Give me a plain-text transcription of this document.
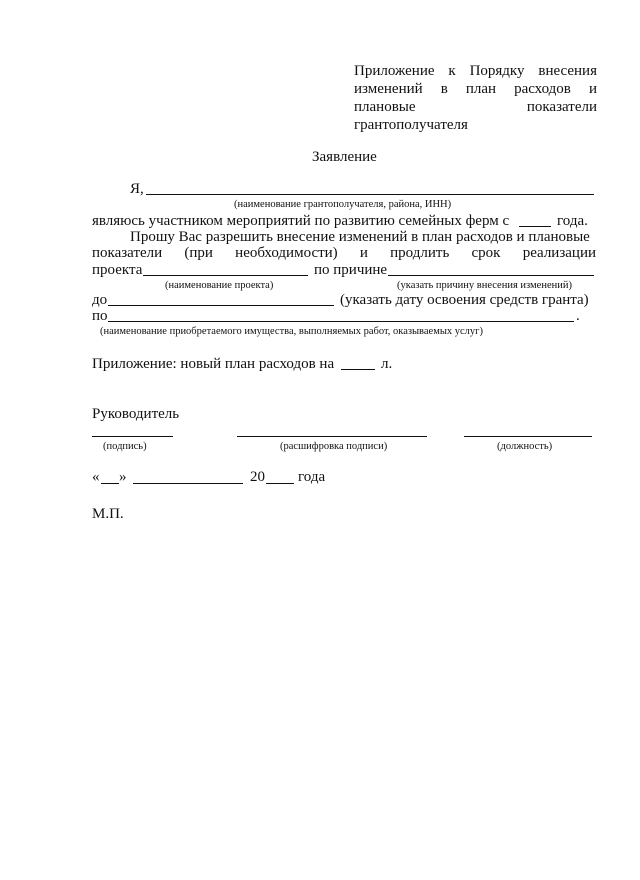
Приложение к Порядку внесения
изменений в план расходов и
плановые	показатели
грантополучателя
Заявление
Я,
(наименование грантополучателя, района, ИНН)
являюсь участником мероприятий по развитию семейных ферм с	года.
Прошу Вас разрешить внесение изменений в план расходов и плановые
показатели (при необходимости) и продлить срок реализации
проекта	по причине
(наименование проекта)	(указать причину внесения изменений)
до	(указать дату освоения средств гранта)
по	.
(наименование приобретаемого имущества, выполняемых работ, оказываемых услуг)
Приложение: новый план расходов на	л.
Руководитель
(подпись)	(расшифровка подписи)	(должность)
« »	20 года
М.П.
